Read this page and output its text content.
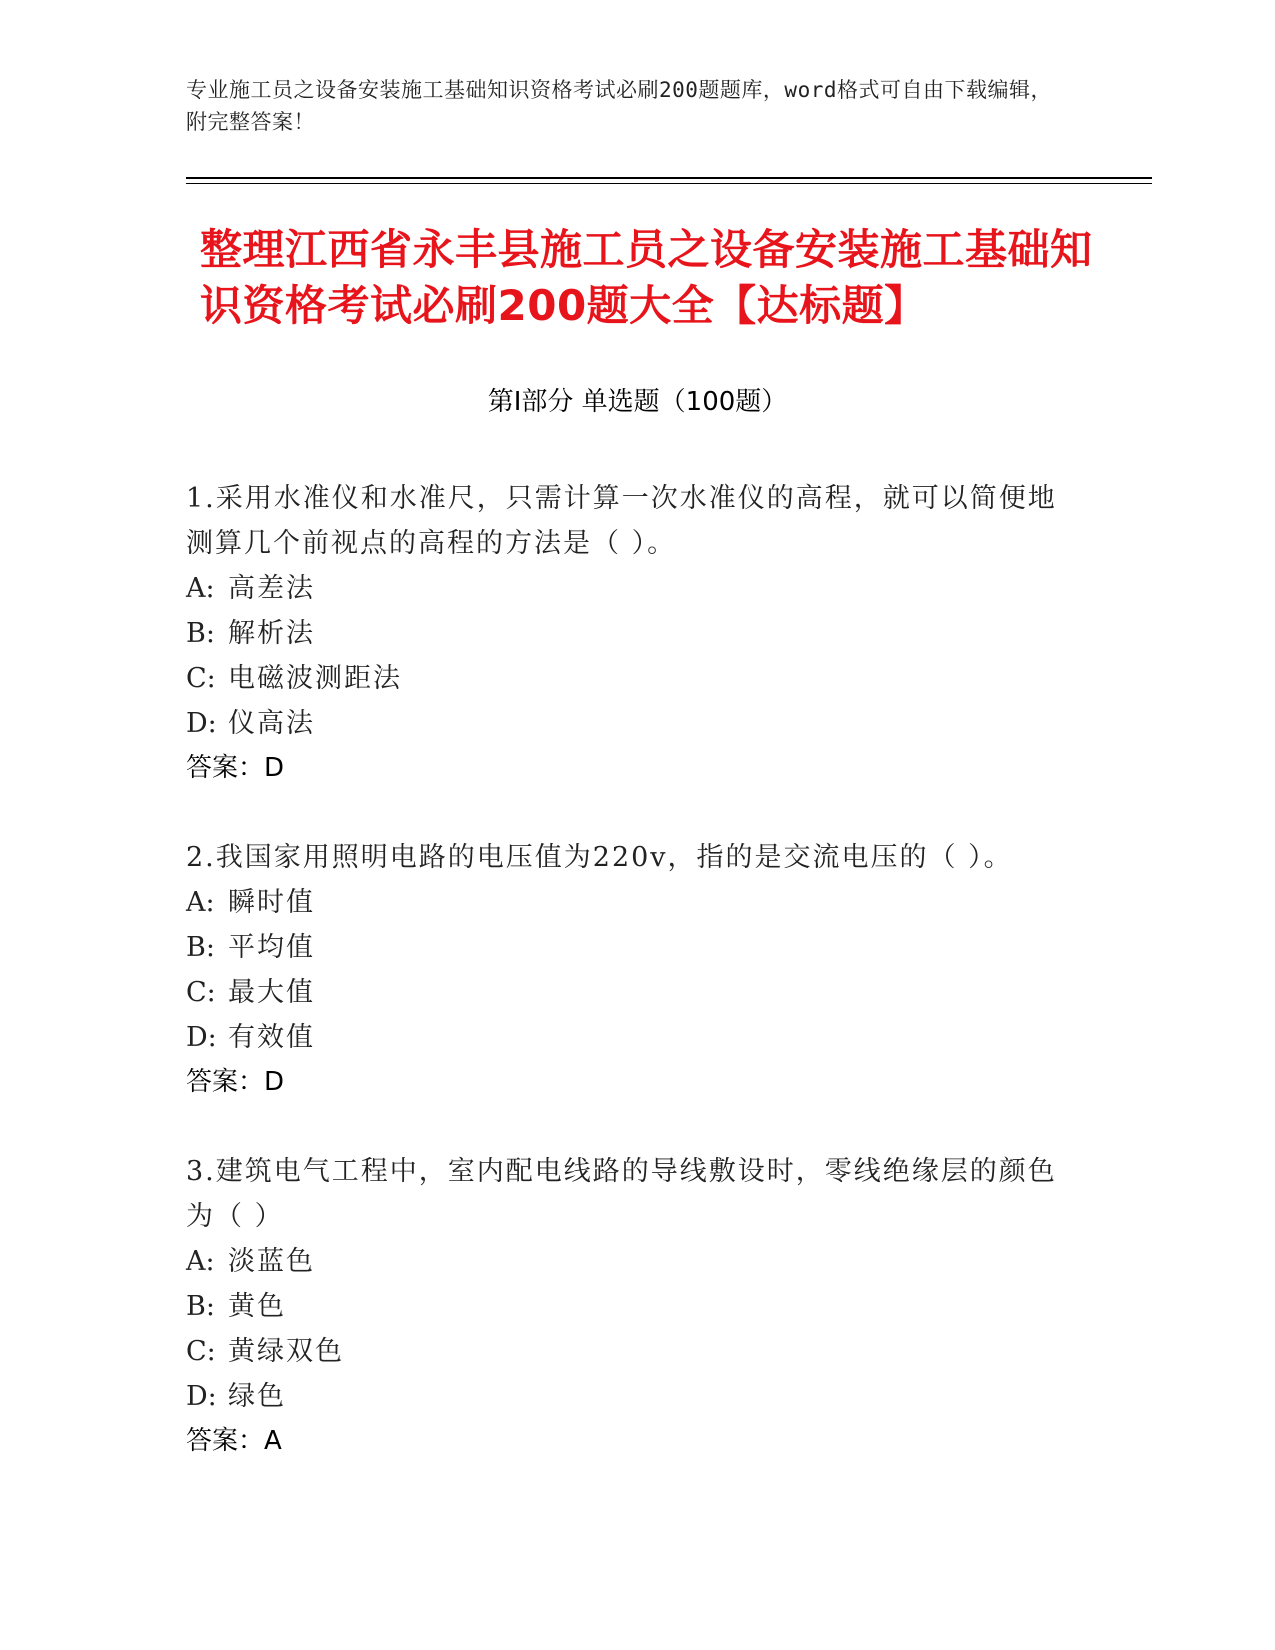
专业施工员之设备安装施工基础知识资格考试必刷200题题库，word格式可自由下载编辑，附完整答案！

整理江西省永丰县施工员之设备安装施工基础知识资格考试必刷200题大全【达标题】
第Ⅰ部分 单选题（100题）

1.采用水准仪和水准尺，只需计算一次水准仪的高程，就可以简便地测算几个前视点的高程的方法是（ ）。

A: 高差法

B: 解析法

C: 电磁波测距法

D: 仪高法

答案：D

2.我国家用照明电路的电压值为220v，指的是交流电压的（ ）。

A: 瞬时值

B: 平均值

C: 最大值

D: 有效值

答案：D

3.建筑电气工程中，室内配电线路的导线敷设时，零线绝缘层的颜色为（ ）

A: 淡蓝色

B: 黄色

C: 黄绿双色

D: 绿色

答案：A
